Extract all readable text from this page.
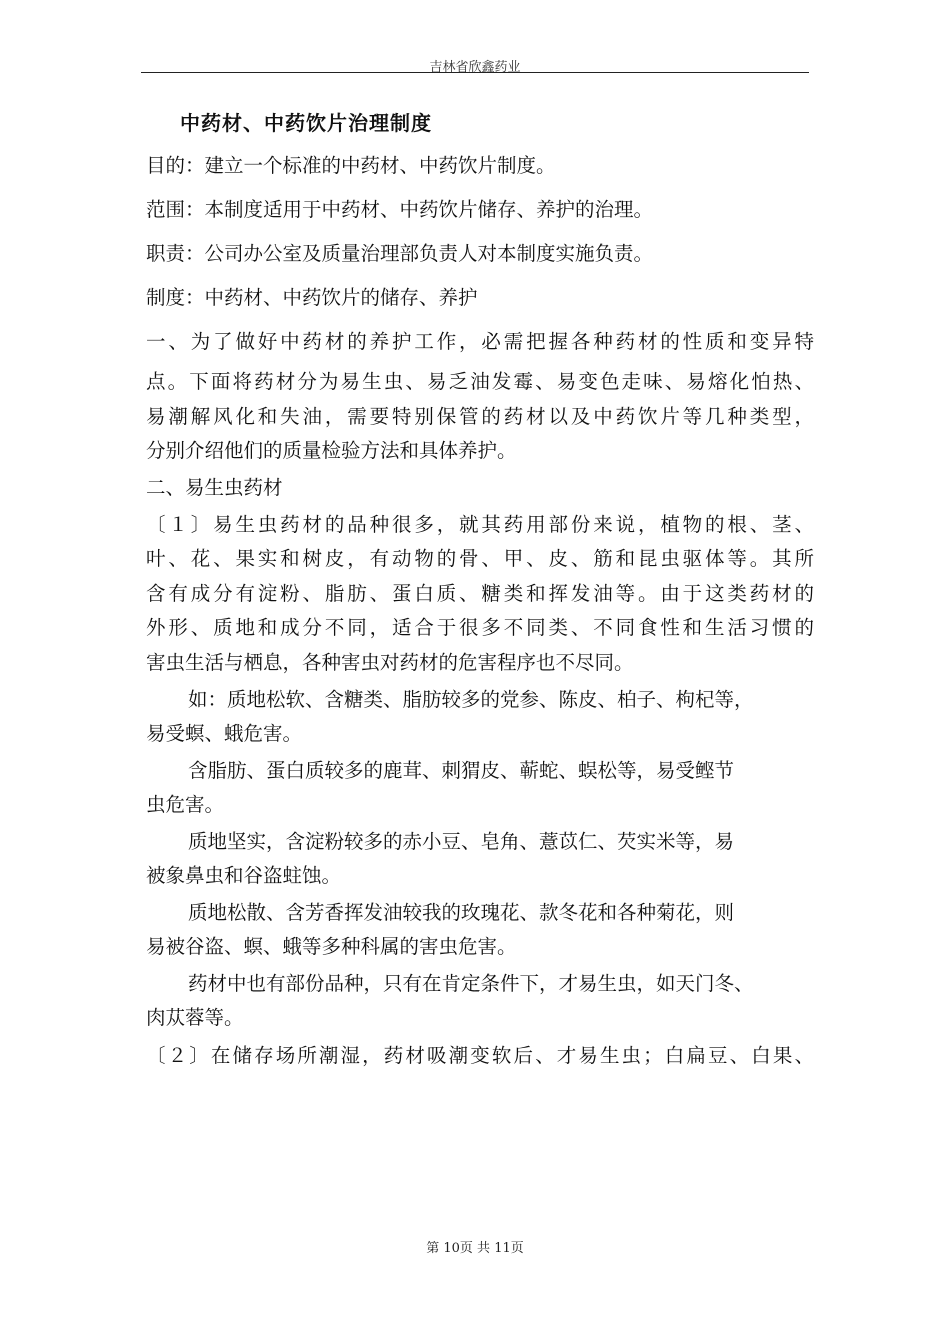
吉林省欣鑫药业
中药材、中药饮片治理制度
目的：建立一个标准的中药材、中药饮片制度。
范围：本制度适用于中药材、中药饮片储存、养护的治理。
职责：公司办公室及质量治理部负责人对本制度实施负责。
制度：中药材、中药饮片的储存、养护
一、为了做好中药材的养护工作，必需把握各种药材的性质和变异特
点。下面将药材分为易生虫、易乏油发霉、易变色走味、易熔化怕热、
易潮解风化和失油，需要特别保管的药材以及中药饮片等几种类型，
分别介绍他们的质量检验方法和具体养护。
二、易生虫药材
〔１〕易生虫药材的品种很多，就其药用部份来说，植物的根、茎、
叶、花、果实和树皮，有动物的骨、甲、皮、筋和昆虫驱体等。其所
含有成分有淀粉、脂肪、蛋白质、糖类和挥发油等。由于这类药材的
外形、质地和成分不同，适合于很多不同类、不同食性和生活习惯的
害虫生活与栖息，各种害虫对药材的危害程序也不尽同。
如：质地松软、含糖类、脂肪较多的党参、陈皮、柏子、枸杞等，
易受螟、蛾危害。
含脂肪、蛋白质较多的鹿茸、刺猬皮、蕲蛇、蜈松等，易受鲣节
虫危害。
质地坚实，含淀粉较多的赤小豆、皂角、薏苡仁、芡实米等，易
被象鼻虫和谷盗蛀蚀。
质地松散、含芳香挥发油较我的玫瑰花、款冬花和各种菊花，则
易被谷盗、螟、蛾等多种科属的害虫危害。
药材中也有部份品种，只有在肯定条件下，才易生虫，如天门冬、
肉苁蓉等。
〔２〕在储存场所潮湿，药材吸潮变软后、才易生虫；白扁豆、白果、
第 10页 共 11页
